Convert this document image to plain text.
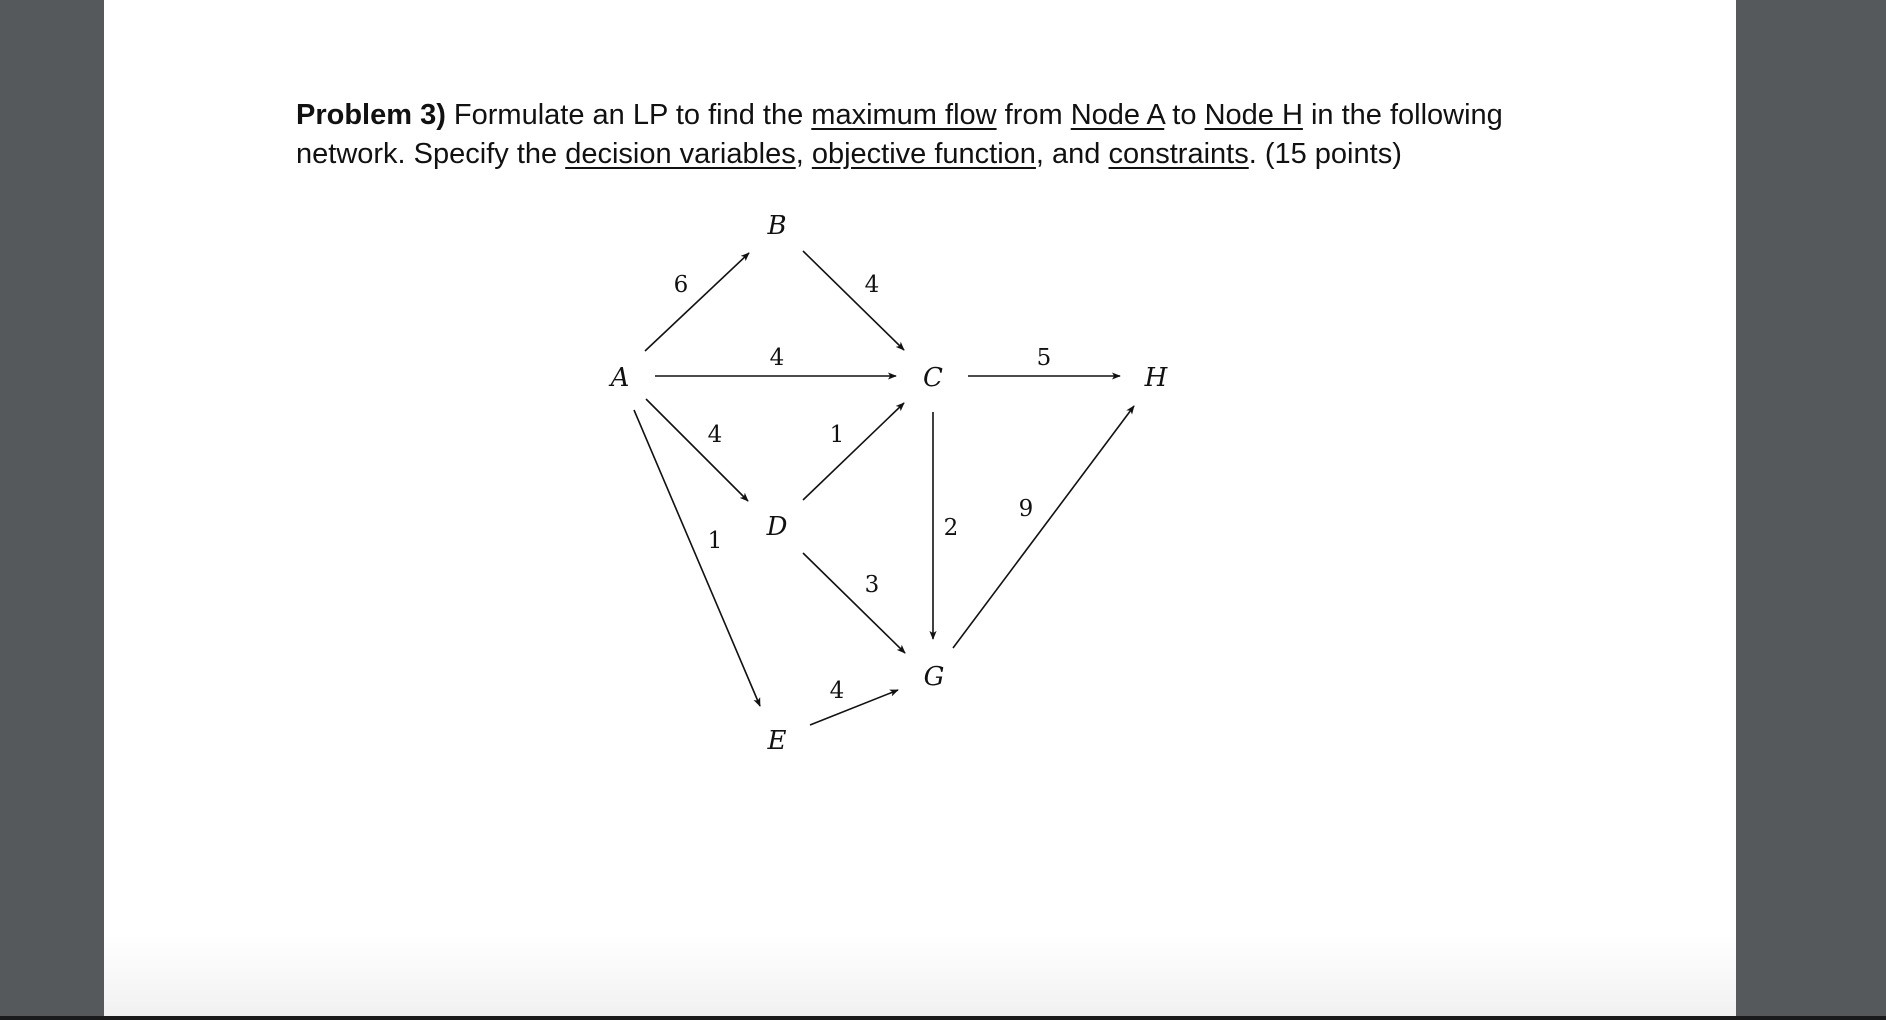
Problem 3) Formulate an LP to find the maximum flow from Node A to Node H in the following
network. Specify the decision variables, objective function, and constraints. (15 points)
B
A	C	H
D
G
E
6
4
4
1
4
1
3
2
5
4
9
